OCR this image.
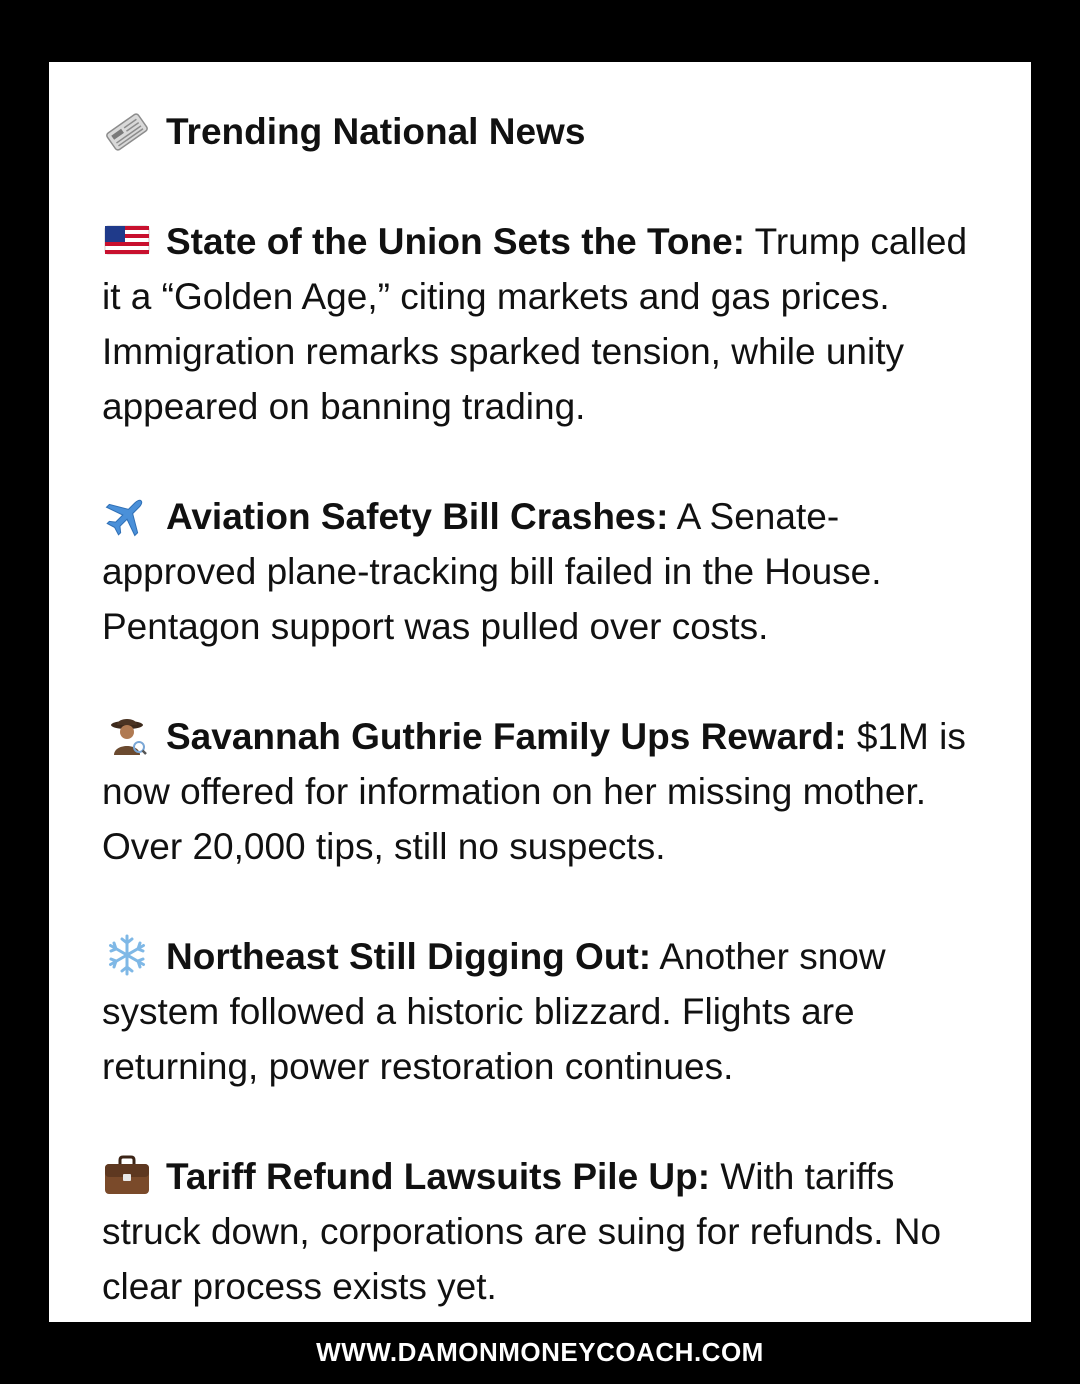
Trending National News
State of the Union Sets the Tone: Trump called it a “Golden Age,” citing markets and gas prices. Immigration remarks sparked tension, while unity appeared on banning trading.
Aviation Safety Bill Crashes: A Senate-approved plane-tracking bill failed in the House. Pentagon support was pulled over costs.
Savannah Guthrie Family Ups Reward: $1M is now offered for information on her missing mother. Over 20,000 tips, still no suspects.
Northeast Still Digging Out: Another snow system followed a historic blizzard. Flights are returning, power restoration continues.
Tariff Refund Lawsuits Pile Up: With tariffs struck down, corporations are suing for refunds. No clear process exists yet.
WWW.DAMONMONEYCOACH.COM
